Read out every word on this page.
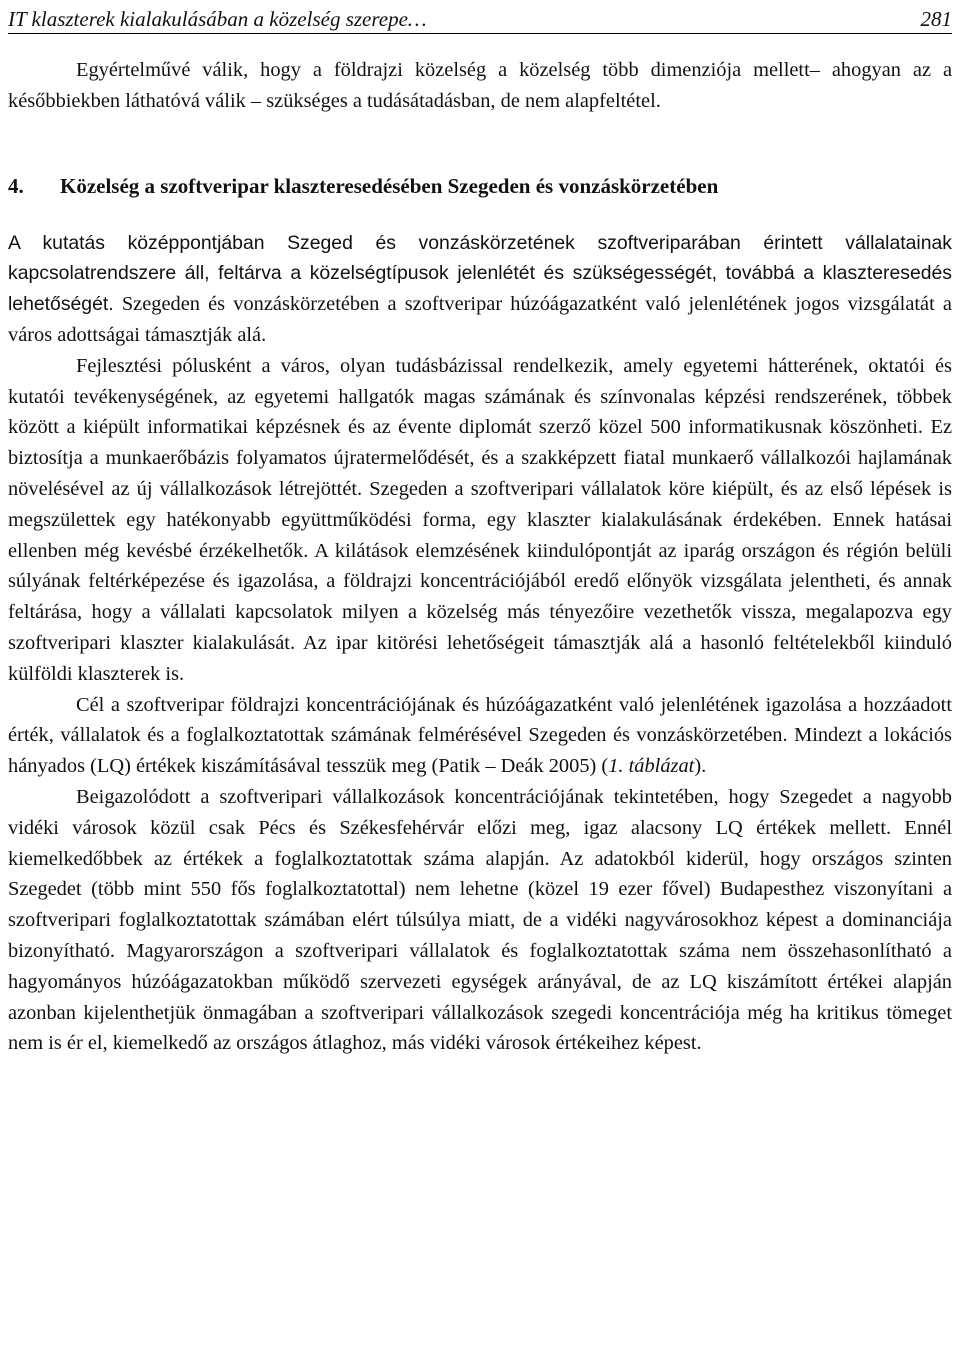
IT klaszterek kialakulásában a közelség szerepe…	281

Egyértelművé válik, hogy a földrajzi közelség a közelség több dimenziója mellett– ahogyan az a későbbiekben láthatóvá válik – szükséges a tudásátadásban, de nem alapfeltétel.

4.	Közelség a szoftveripar klaszteresedésében Szegeden és vonzáskörzetében

A kutatás középpontjában Szeged és vonzáskörzetének szoftveriparában érintett vállalatainak kapcsolatrendszere áll, feltárva a közelségtípusok jelenlétét és szükségességét, továbbá a klaszteresedés lehetőségét. Szegeden és vonzáskörzetében a szoftveripar húzóágazatként való jelenlétének jogos vizsgálatát a város adottságai támasztják alá.

Fejlesztési pólusként a város, olyan tudásbázissal rendelkezik, amely egyetemi hátterének, oktatói és kutatói tevékenységének, az egyetemi hallgatók magas számának és színvonalas képzési rendszerének, többek között a kiépült informatikai képzésnek és az évente diplomát szerző közel 500 informatikusnak köszönheti. Ez biztosítja a munkaerőbázis folyamatos újratermelődését, és a szakképzett fiatal munkaerő vállalkozói hajlamának növelésével az új vállalkozások létrejöttét. Szegeden a szoftveripari vállalatok köre kiépült, és az első lépések is megszülettek egy hatékonyabb együttműködési forma, egy klaszter kialakulásának érdekében. Ennek hatásai ellenben még kevésbé érzékelhetők. A kilátások elemzésének kiindulópontját az iparág országon és régión belüli súlyának feltérképezése és igazolása, a földrajzi koncentrációjából eredő előnyök vizsgálata jelentheti, és annak feltárása, hogy a vállalati kapcsolatok milyen a közelség más tényezőire vezethetők vissza, megalapozva egy szoftveripari klaszter kialakulását. Az ipar kitörési lehetőségeit támasztják alá a hasonló feltételekből kiinduló külföldi klaszterek is.

Cél a szoftveripar földrajzi koncentrációjának és húzóágazatként való jelenlétének igazolása a hozzáadott érték, vállalatok és a foglalkoztatottak számának felmérésével Szegeden és vonzáskörzetében. Mindezt a lokációs hányados (LQ) értékek kiszámításával tesszük meg (Patik – Deák 2005) (1. táblázat).

Beigazolódott a szoftveripari vállalkozások koncentrációjának tekintetében, hogy Szegedet a nagyobb vidéki városok közül csak Pécs és Székesfehérvár előzi meg, igaz alacsony LQ értékek mellett. Ennél kiemelkedőbbek az értékek a foglalkoztatottak száma alapján. Az adatokból kiderül, hogy országos szinten Szegedet (több mint 550 fős foglalkoztatottal) nem lehetne (közel 19 ezer fővel) Budapesthez viszonyítani a szoftveripari foglalkoztatottak számában elért túlsúlya miatt, de a vidéki nagyvárosokhoz képest a dominanciája bizonyítható. Magyarországon a szoftveripari vállalatok és foglalkoztatottak száma nem összehasonlítható a hagyományos húzóágazatokban működő szervezeti egységek arányával, de az LQ kiszámított értékei alapján azonban kijelenthetjük önmagában a szoftveripari vállalkozások szegedi koncentrációja még ha kritikus tömeget nem is ér el, kiemelkedő az országos átlaghoz, más vidéki városok értékeihez képest.
